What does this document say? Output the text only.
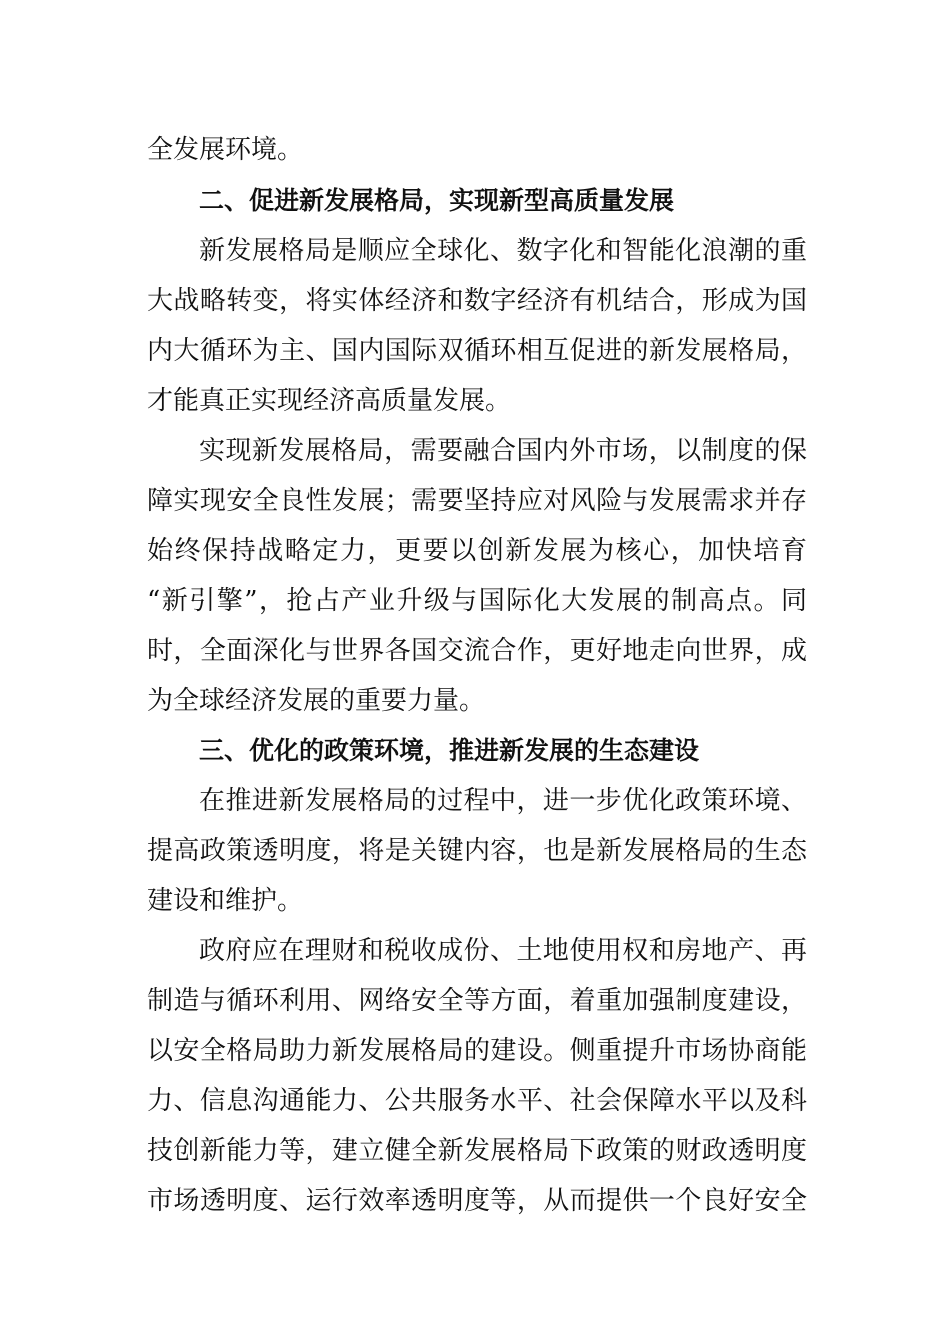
全发展环境。
二、促进新发展格局，实现新型高质量发展
新发展格局是顺应全球化、数字化和智能化浪潮的重
大战略转变，将实体经济和数字经济有机结合，形成为国
内大循环为主、国内国际双循环相互促进的新发展格局，
才能真正实现经济高质量发展。
实现新发展格局，需要融合国内外市场，以制度的保
障实现安全良性发展；需要坚持应对风险与发展需求并存
始终保持战略定力，更要以创新发展为核心，加快培育
“新引擎”，抢占产业升级与国际化大发展的制高点。同
时，全面深化与世界各国交流合作，更好地走向世界，成
为全球经济发展的重要力量。
三、优化的政策环境，推进新发展的生态建设
在推进新发展格局的过程中，进一步优化政策环境、
提高政策透明度，将是关键内容，也是新发展格局的生态
建设和维护。
政府应在理财和税收成份、土地使用权和房地产、再
制造与循环利用、网络安全等方面，着重加强制度建设，
以安全格局助力新发展格局的建设。侧重提升市场协商能
力、信息沟通能力、公共服务水平、社会保障水平以及科
技创新能力等，建立健全新发展格局下政策的财政透明度
市场透明度、运行效率透明度等，从而提供一个良好安全
